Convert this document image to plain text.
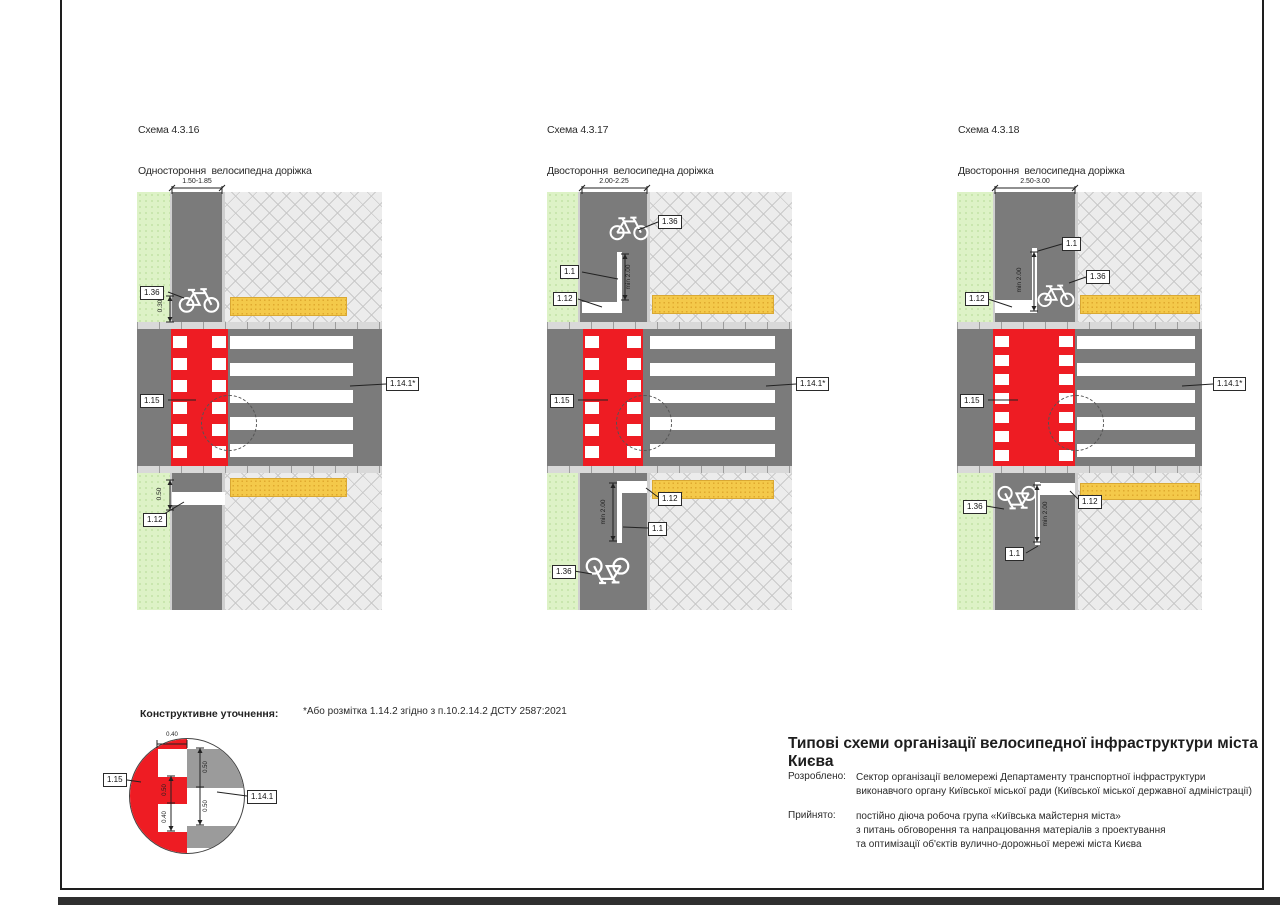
Схема 4.3.16

Одностороння  велосипедна доріжка

Схема 4.3.17

Двостороння  велосипедна доріжка

Схема 4.3.18

Двостороння  велосипедна доріжка

1.50-1.85
1.36
0.30
1.15
1.14.1*
0.50
1.12
2.00-2.25
1.36
1.1	min 2.00
1.12
1.15
1.14.1*
1.12
min 2.00
1.1
1.36
2.50-3.00
1.1
1.36
min 2.00
1.12
1.15
1.14.1*
1.36
1.12
min 2.00
1.1
Конструктивне уточнення:
1.15
1.14.1
0.50
0.50
0.50
0.40
0.40
*Або розмітка 1.14.2 згідно з п.10.2.14.2 ДСТУ 2587:2021
Типові схеми організації велосипедної інфраструктури міста Києва
Розроблено: Сектор організації веломережі Департаменту транспортної інфраструктури
виконавчого органу Київської міської ради (Київської міської державної адміністрації)
Прийнято: постійно діюча робоча група «Київська майстерня міста»
з питань обговорення та напрацювання матеріалів з проектування
та оптимізації об'єктів вулично-дорожньої мережі міста Києва
